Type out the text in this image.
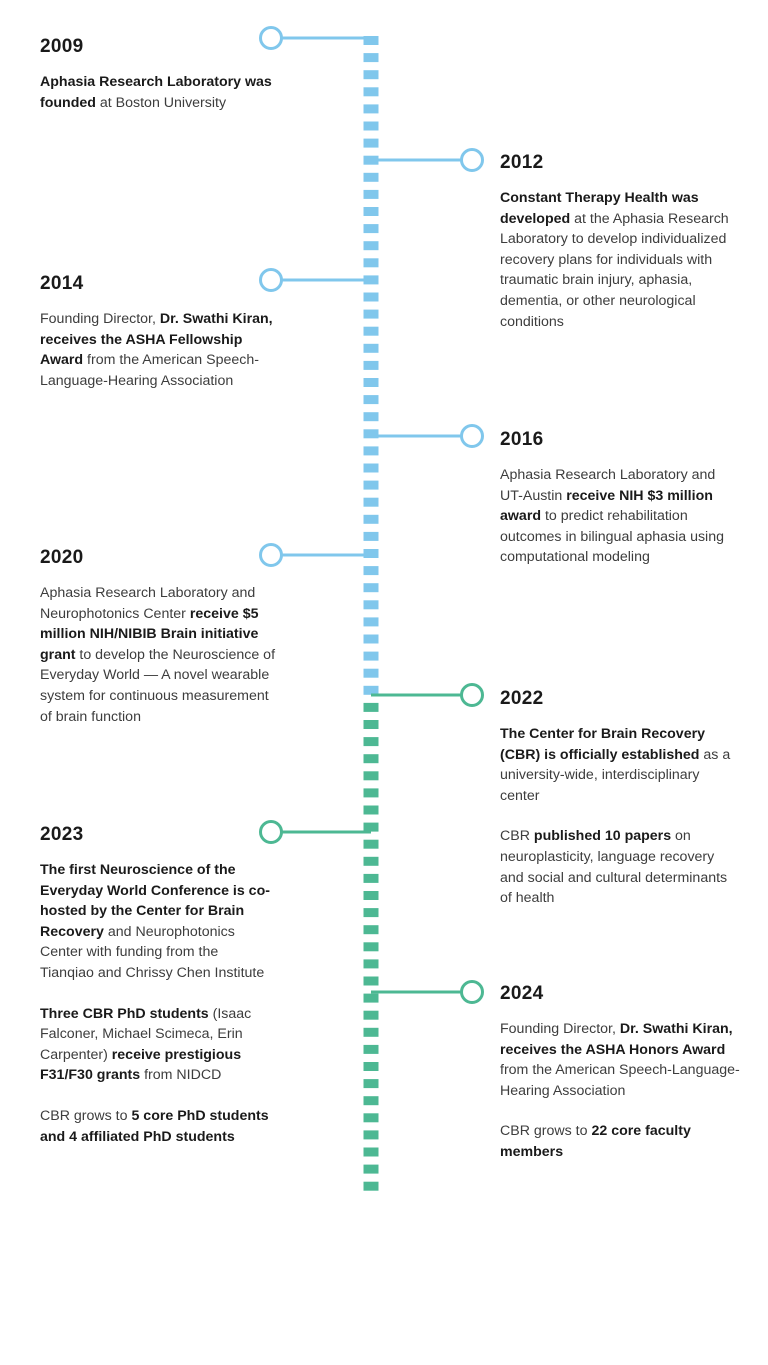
2009

Aphasia Research Laboratory was founded at Boston University

2012

Constant Therapy Health was developed at the Aphasia Research Laboratory to develop individualized recovery plans for individuals with traumatic brain injury, aphasia, dementia, or other neurological conditions

2014

Founding Director, Dr. Swathi Kiran, receives the ASHA Fellowship Award from the American Speech-Language-Hearing Association

2016

Aphasia Research Laboratory and UT-Austin receive NIH $3 million award to predict rehabilitation outcomes in bilingual aphasia using computational modeling

2020

Aphasia Research Laboratory and Neurophotonics Center receive $5 million NIH/NIBIB Brain initiative grant to develop the Neuroscience of Everyday World — A novel wearable system for continuous measurement of brain function

2022

The Center for Brain Recovery (CBR) is officially established as a university-wide, interdisciplinary center

CBR published 10 papers on neuroplasticity, language recovery and social and cultural determinants of health

2023

The first Neuroscience of the Everyday World Conference is co-hosted by the Center for Brain Recovery and Neurophotonics Center with funding from the Tianqiao and Chrissy Chen Institute

Three CBR PhD students (Isaac Falconer, Michael Scimeca, Erin Carpenter) receive prestigious F31/F30 grants from NIDCD

CBR grows to 5 core PhD students and 4 affiliated PhD students

2024

Founding Director, Dr. Swathi Kiran, receives the ASHA Honors Award from the American Speech-Language-Hearing Association

CBR grows to 22 core faculty members
